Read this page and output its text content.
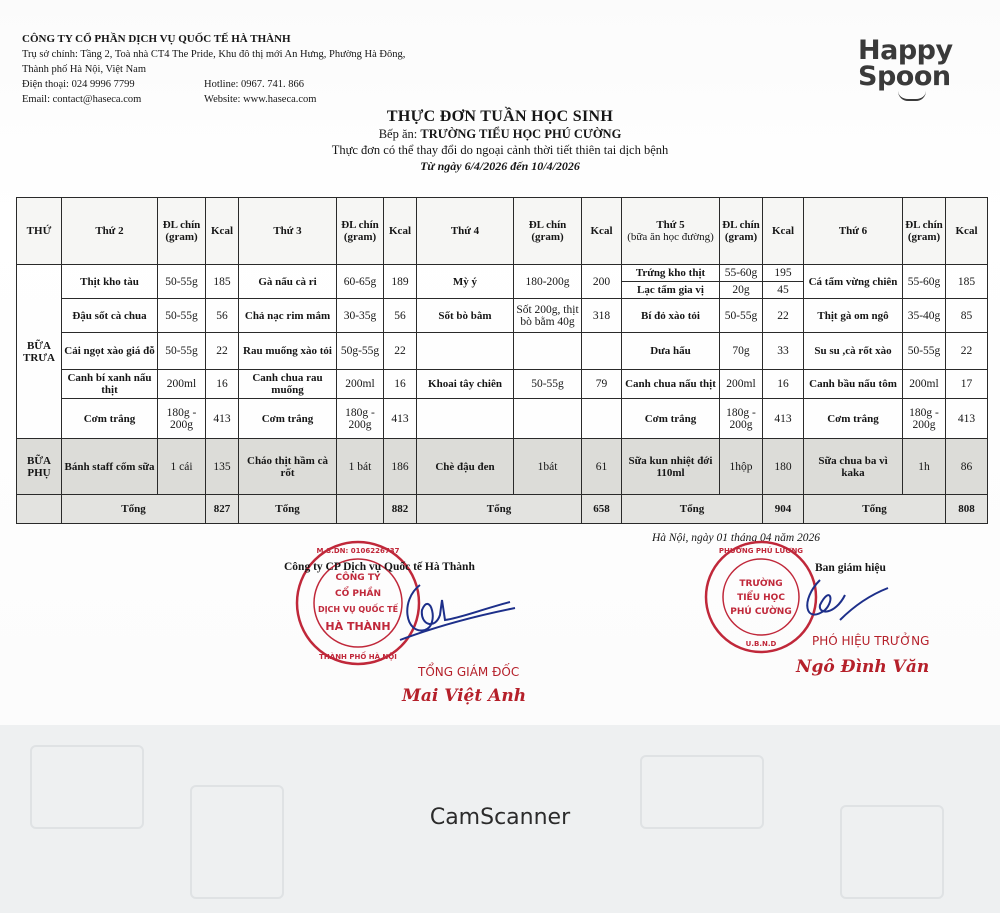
CÔNG TY CỔ PHẦN DỊCH VỤ QUỐC TẾ HÀ THÀNH
Trụ sở chính: Tầng 2, Toà nhà CT4 The Pride, Khu đô thị mới An Hưng, Phường Hà Đông,
Thành phố Hà Nội, Việt Nam
Điện thoại: 024 9996 7799	Hotline: 0967. 741. 866
Email: contact@haseca.com	Website: www.haseca.com
Happy
Spoon
THỰC ĐƠN TUẦN HỌC SINH
Bếp ăn: TRƯỜNG TIỂU HỌC PHÚ CƯỜNG
Thực đơn có thể thay đổi do ngoại cảnh thời tiết thiên tai dịch bệnh
Từ ngày 6/4/2026 đến 10/4/2026
THỨ	Thứ 2	ĐL chín (gram)	Kcal	Thứ 3	ĐL chín (gram)	Kcal	Thứ 4	ĐL chín (gram)	Kcal	Thứ 5
(bữa ăn học đường)	ĐL chín (gram)	Kcal	Thứ 6	ĐL chín (gram)	Kcal
BỮA TRƯA	Thịt kho tàu	50-55g	185	Gà nấu cà ri	60-65g	189	Mỳ ý	180-200g	200	Trứng kho thịt	55-60g	195	Cá tẩm vừng chiên	55-60g	185
										Lạc tẩm gia vị	20g	45			
	Đậu sốt cà chua	50-55g	56	Chả nạc rim mắm	30-35g	56	Sốt bò bằm	Sốt 200g, thịt bò bằm 40g	318	Bí đỏ xào tỏi	50-55g	22	Thịt gà om ngô	35-40g	85
	Cải ngọt xào giá đỗ	50-55g	22	Rau muống xào tỏi	50g-55g	22				Dưa hấu	70g	33	Su su ,cà rốt xào	50-55g	22
	Canh bí xanh nấu thịt	200ml	16	Canh chua rau muống	200ml	16	Khoai tây chiên	50-55g	79	Canh chua nấu thịt	200ml	16	Canh bầu nấu tôm	200ml	17
	Cơm trắng	180g - 200g	413	Cơm trắng	180g - 200g	413				Cơm trắng	180g - 200g	413	Cơm trắng	180g - 200g	413
BỮA PHỤ	Bánh staff cốm sữa	1 cái	135	Cháo thịt hầm cà rốt	1 bát	186	Chè đậu đen	1bát	61	Sữa kun nhiệt đới 110ml	1hộp	180	Sữa chua ba vì kaka	1h	86
	Tổng		827	Tổng		882	Tổng		658	Tổng		904	Tổng		808
Hà Nội, ngày 01 tháng 04 năm 2026
CÔNG TY
CỔ PHẦN
DỊCH VỤ QUỐC TẾ
HÀ THÀNH
M.S.DN: 0106226737
THÀNH PHỐ HÀ NỘI
Công ty CP Dịch vụ Quốc tế Hà Thành
TỔNG GIÁM ĐỐC
Mai Việt Anh
TRƯỜNG
TIỂU HỌC
PHÚ CƯỜNG
PHƯỜNG PHÚ LƯƠNG
U.B.N.D
Ban giám hiệu
PHÓ HIỆU TRƯỞNG
Ngô Đình Văn
CamScanner
